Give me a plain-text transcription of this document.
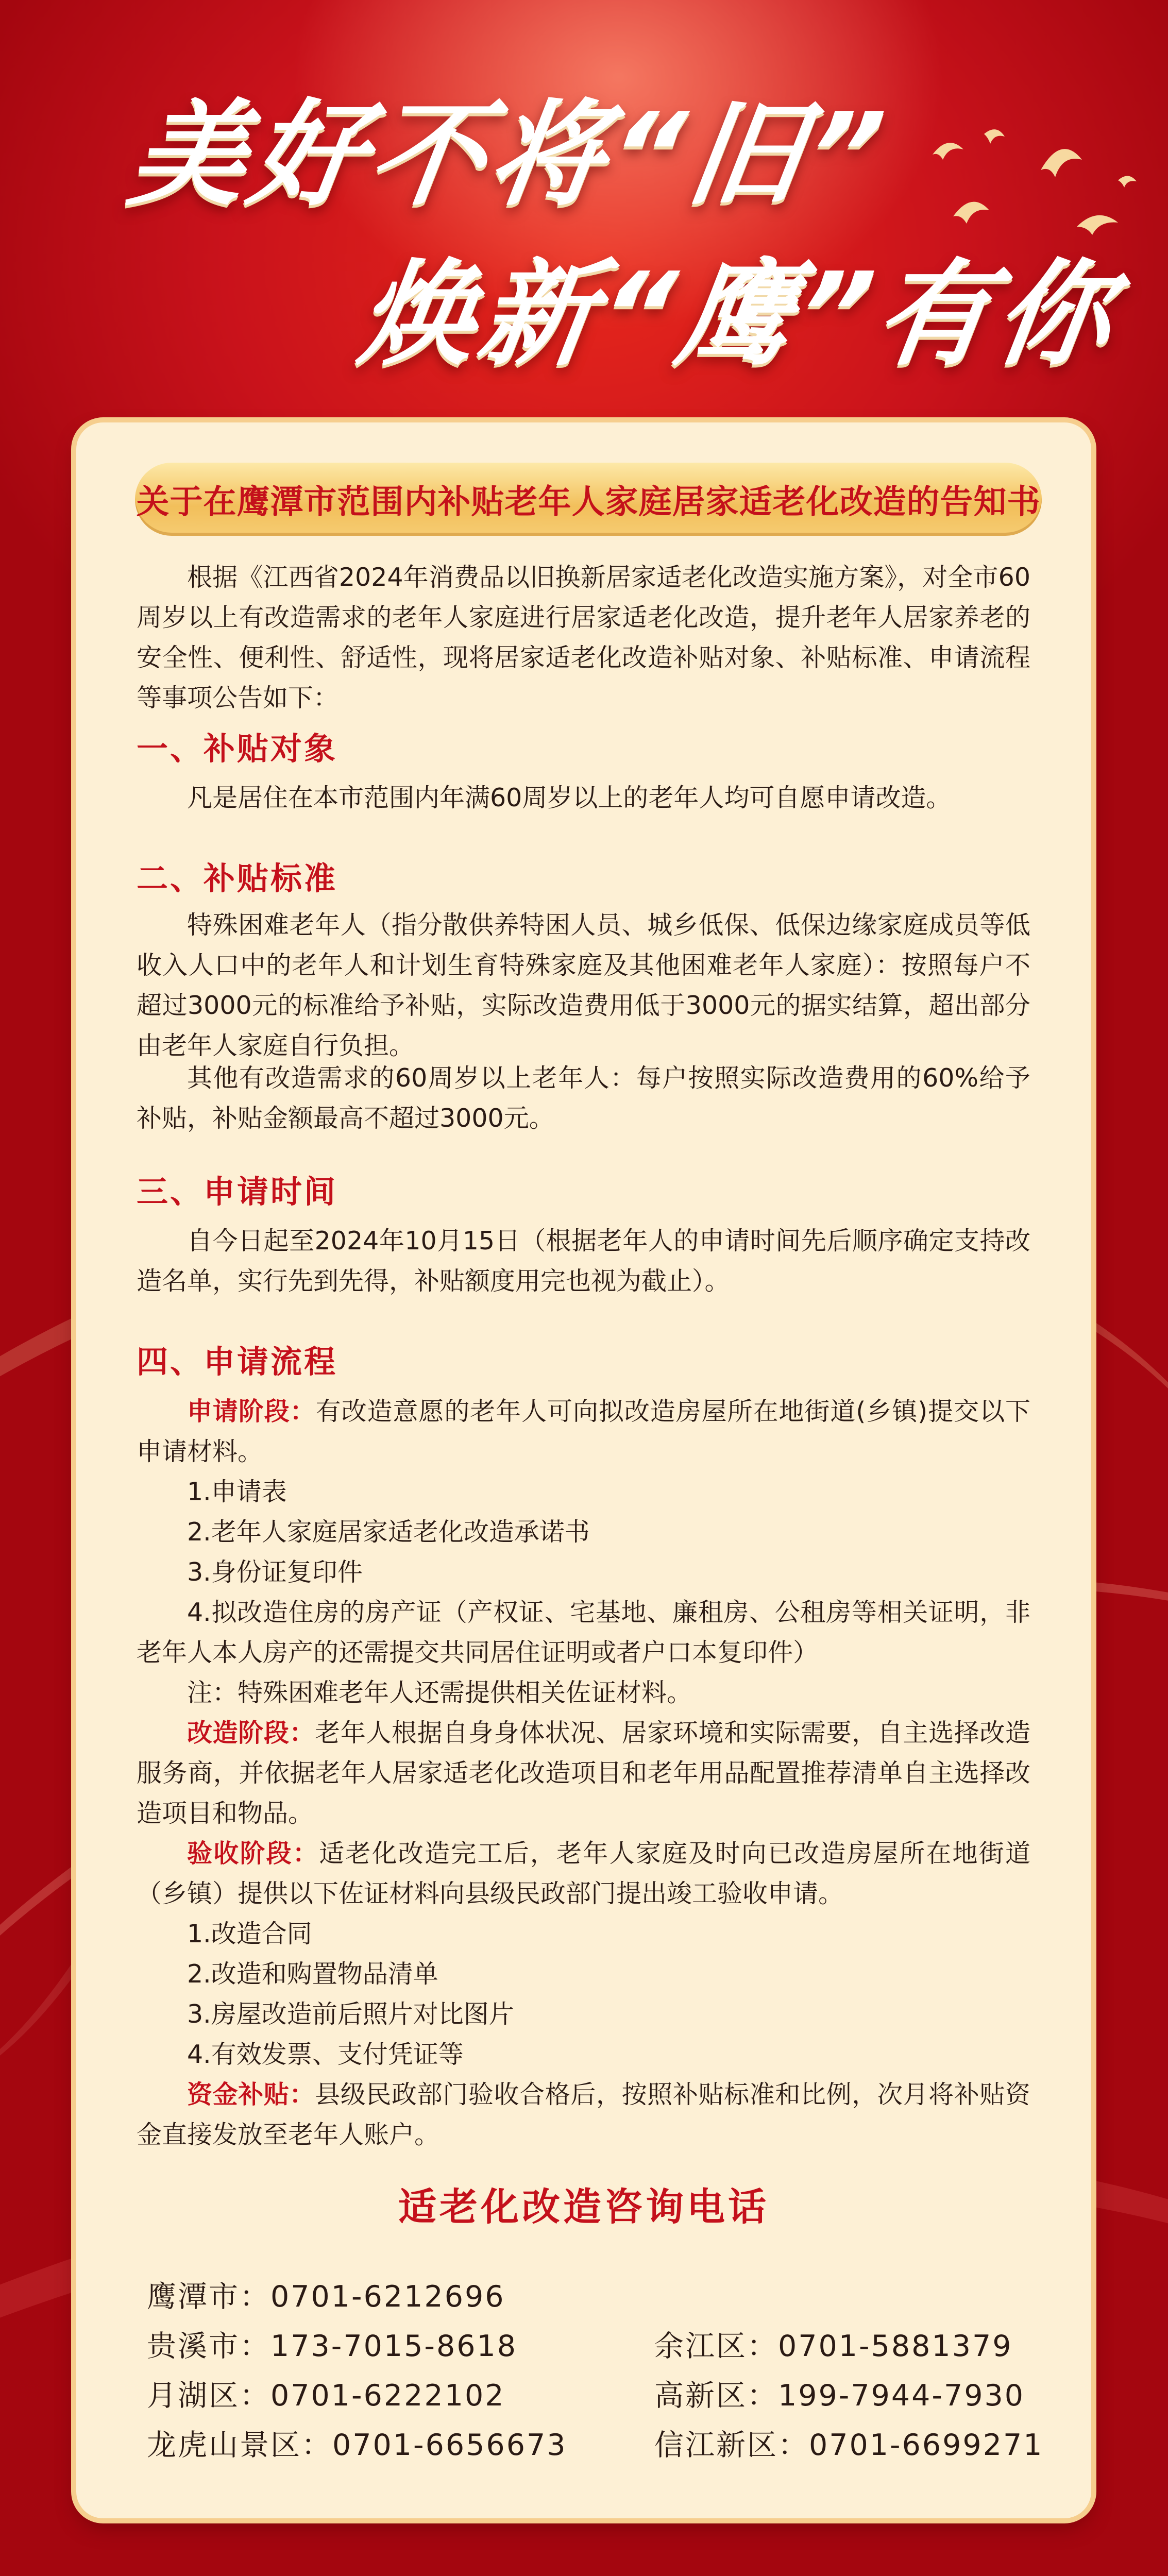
美好不将“旧”
焕新“鹰”有你
关于在鹰潭市范围内补贴老年人家庭居家适老化改造的告知书
根据《江西省2024年消费品以旧换新居家适老化改造实施方案》，对全市60周岁以上有改造需求的老年人家庭进行居家适老化改造，提升老年人居家养老的安全性、便利性、舒适性，现将居家适老化改造补贴对象、补贴标准、申请流程等事项公告如下：
一、补贴对象
凡是居住在本市范围内年满60周岁以上的老年人均可自愿申请改造。
二、补贴标准
特殊困难老年人（指分散供养特困人员、城乡低保、低保边缘家庭成员等低收入人口中的老年人和计划生育特殊家庭及其他困难老年人家庭）：按照每户不超过3000元的标准给予补贴，实际改造费用低于3000元的据实结算，超出部分由老年人家庭自行负担。
其他有改造需求的60周岁以上老年人：每户按照实际改造费用的60%给予补贴，补贴金额最高不超过3000元。
三、申请时间
自今日起至2024年10月15日（根据老年人的申请时间先后顺序确定支持改造名单，实行先到先得，补贴额度用完也视为截止）。
四、申请流程
申请阶段：有改造意愿的老年人可向拟改造房屋所在地街道(乡镇)提交以下申请材料。
1.申请表
2.老年人家庭居家适老化改造承诺书
3.身份证复印件
4.拟改造住房的房产证（产权证、宅基地、廉租房、公租房等相关证明，非老年人本人房产的还需提交共同居住证明或者户口本复印件）
注：特殊困难老年人还需提供相关佐证材料。
改造阶段：老年人根据自身身体状况、居家环境和实际需要，自主选择改造服务商，并依据老年人居家适老化改造项目和老年用品配置推荐清单自主选择改造项目和物品。
验收阶段：适老化改造完工后，老年人家庭及时向已改造房屋所在地街道（乡镇）提供以下佐证材料向县级民政部门提出竣工验收申请。
1.改造合同
2.改造和购置物品清单
3.房屋改造前后照片对比图片
4.有效发票、支付凭证等
资金补贴：县级民政部门验收合格后，按照补贴标准和比例，次月将补贴资金直接发放至老年人账户。
适老化改造咨询电话
鹰潭市：0701-6212696
贵溪市：173-7015-8618	余江区：0701-5881379
月湖区：0701-6222102	高新区：199-7944-7930
龙虎山景区：0701-6656673	信江新区：0701-6699271
